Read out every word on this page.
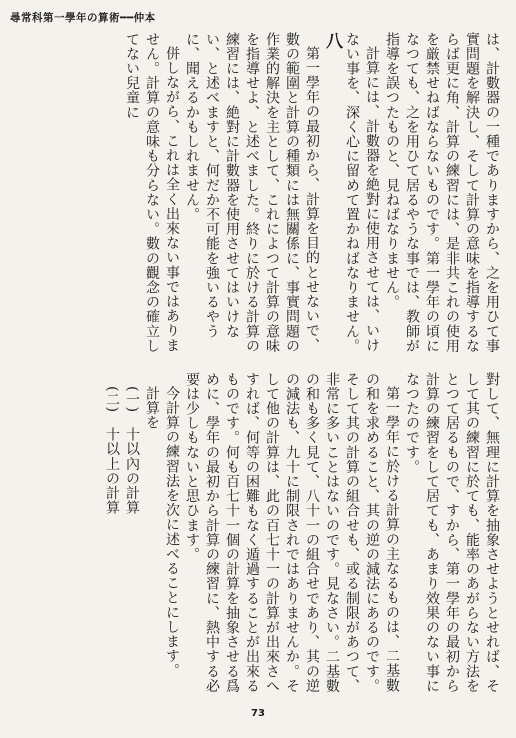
尋常科第一學年の算術━━仲本

は、計數器の一種でありますから、之を用ひて事實問題を解決し、そして計算の意味を指導するならば更に角、計算の練習には、是非共これの使用を厳禁せねばならないものです。第一學年の頃になつても、之を用ひて居るやうな事では、教師が指導を誤つたものと、見ねばなりません。

計算には、計數器を絶對に使用させては、いけない事を、深く心に留めて置かねばなりません。

八

第一學年の最初から、計算を目的とせないで、數の範圍と計算の種類には無關係に、事實問題の作業的解決を主として、これによつて計算の意味を指導せよ、と述べました。終りに於ける計算の練習には、絶對に計數器を使用させてはいけない、と述べますと、何だか不可能を強いるやうに、聞えるかもしれません。

併しながら、これは全く出來ない事ではありません。計算の意味も分らない。數の觀念の確立してない兒童に

對して、無理に計算を抽象させようとせれば、そして其の練習に於ても、能率のあがらない方法をとつて居るもので、すから、第一學年の最初から計算の練習をして居ても、あまり效果のない事になつたのです。

第一學年に於ける計算の主なるものは、二基數の和を求めること、其の逆の減法にあるのです。そして其の計算の組合せも、或る制限があつて、非常に多いことはないのです。見なさい。二基數の和も多く見て、八十一の組合せであり、其の逆の減法も、九十に制限されではありませんか。そして他の計算は、此の百七十一の計算が出來さへすれば、何等の困難もなく遁過することが出來るものです。何も百七十一個の計算を抽象させる爲めに、學年の最初から計算の練習に、熱中する必要は少しもないと思ひます。

今計算の練習法を次に述べることにします。

計算を

(一)　十以內の計算

(二)　十以上の計算

73
